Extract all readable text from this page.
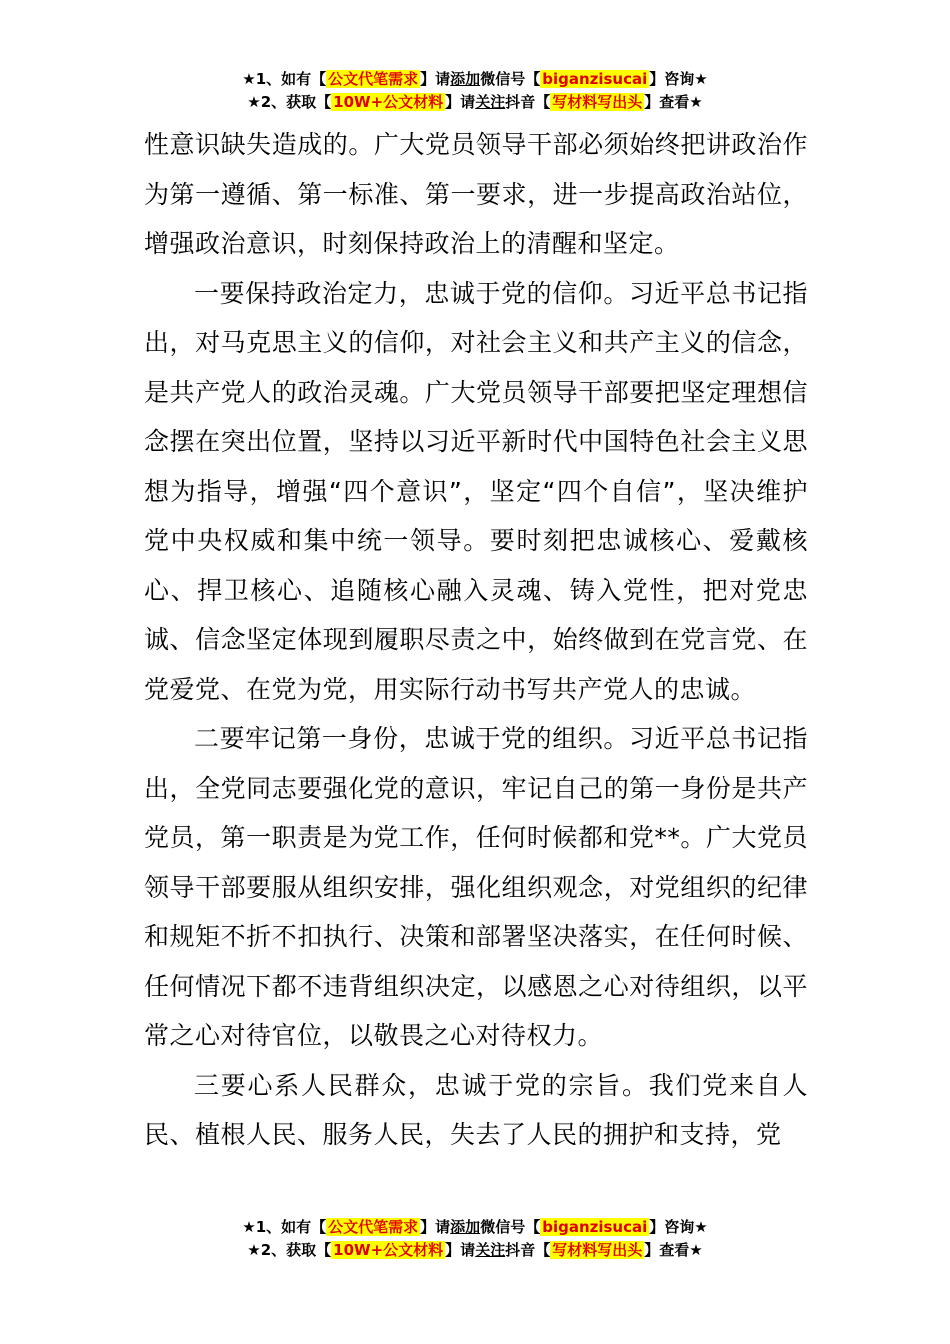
★1、如有【 公文代笔需求 】请添加微信号【 biganzisucai 】咨询★
★2、获取【 10W+公文材料 】请关注抖音【 写材料写出头 】查看★

性意识缺失造成的。广大党员领导干部必须始终把讲政治作为第一遵循、第一标准、第一要求，进一步提高政治站位，增强政治意识，时刻保持政治上的清醒和坚定。

一要保持政治定力，忠诚于党的信仰。习近平总书记指出，对马克思主义的信仰，对社会主义和共产主义的信念，是共产党人的政治灵魂。广大党员领导干部要把坚定理想信念摆在突出位置，坚持以习近平新时代中国特色社会主义思想为指导，增强“四个意识”，坚定“四个自信”，坚决维护党中央权威和集中统一领导。要时刻把忠诚核心、爱戴核心、捍卫核心、追随核心融入灵魂、铸入党性，把对党忠诚、信念坚定体现到履职尽责之中，始终做到在党言党、在党爱党、在党为党，用实际行动书写共产党人的忠诚。

二要牢记第一身份，忠诚于党的组织。习近平总书记指出，全党同志要强化党的意识，牢记自己的第一身份是共产党员，第一职责是为党工作，任何时候都和党**。广大党员领导干部要服从组织安排，强化组织观念，对党组织的纪律和规矩不折不扣执行、决策和部署坚决落实，在任何时候、任何情况下都不违背组织决定，以感恩之心对待组织，以平常之心对待官位，以敬畏之心对待权力。

三要心系人民群众，忠诚于党的宗旨。我们党来自人民、植根人民、服务人民，失去了人民的拥护和支持，党

★1、如有【 公文代笔需求 】请添加微信号【 biganzisucai 】咨询★
★2、获取【 10W+公文材料 】请关注抖音【 写材料写出头 】查看★
